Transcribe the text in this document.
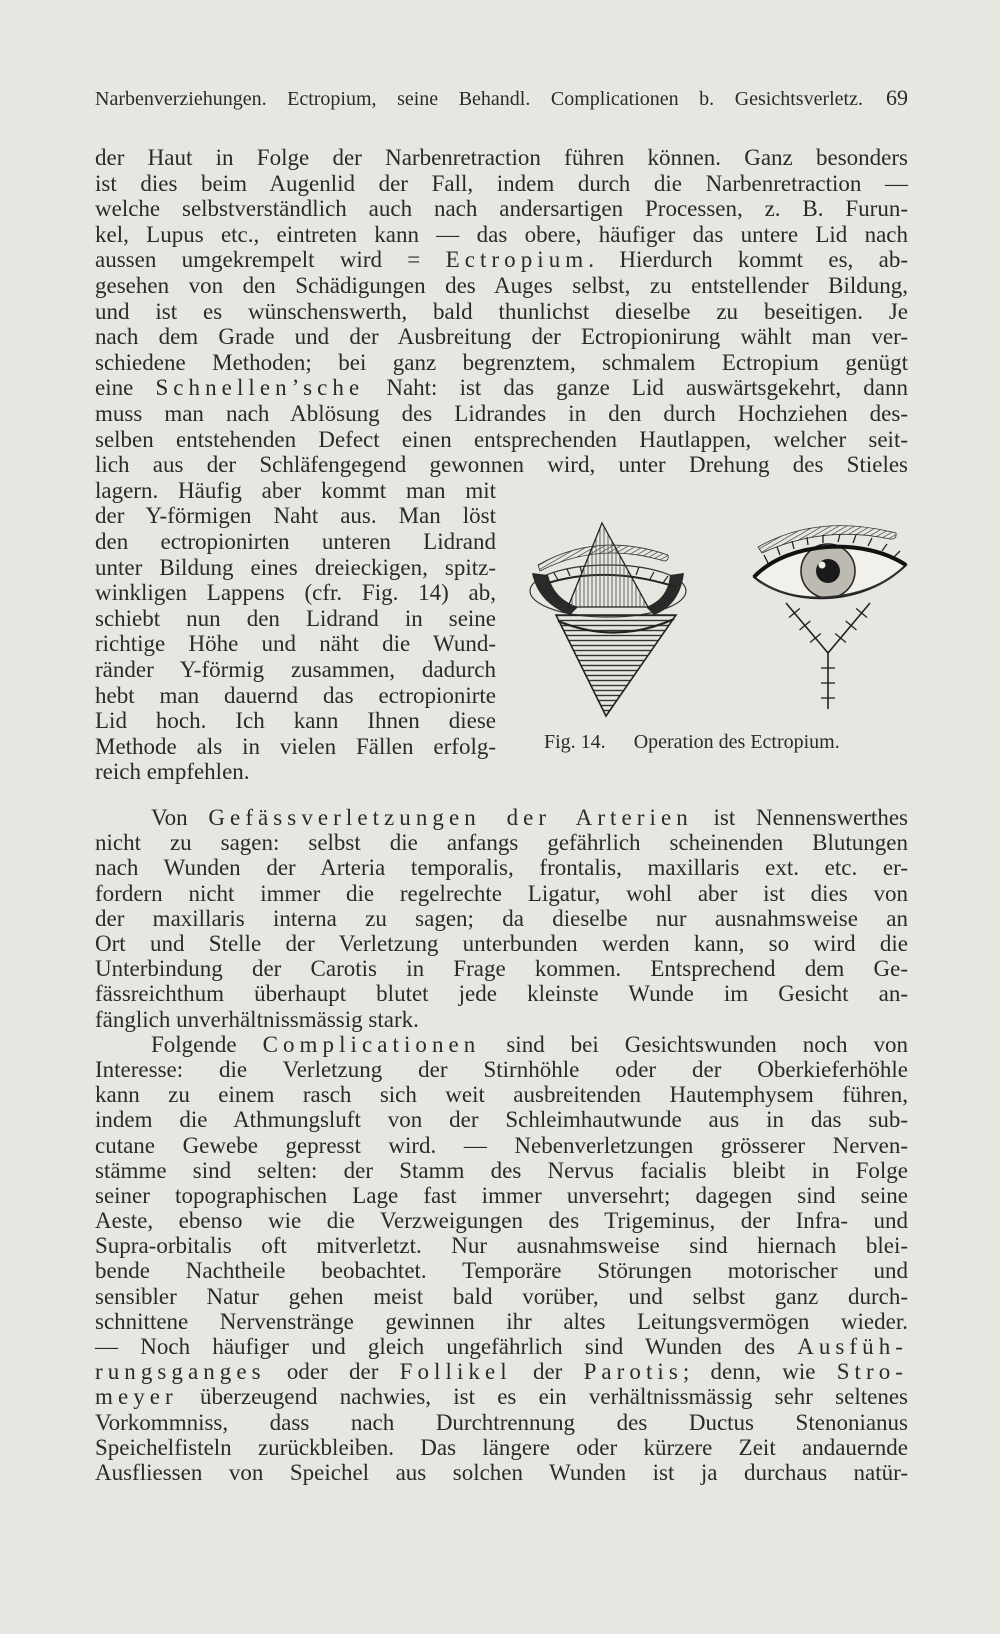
Narbenverziehungen. Ectropium, seine Behandl. Complicationen b. Gesichtsverletz. 69
der Haut in Folge der Narbenretraction führen können. Ganz besonders
ist dies beim Augenlid der Fall, indem durch die Narbenretraction —
welche selbstverständlich auch nach andersartigen Processen, z. B. Furun-
kel, Lupus etc., eintreten kann — das obere, häufiger das untere Lid nach
aussen umgekrempelt wird = Ectropium. Hierdurch kommt es, ab-
gesehen von den Schädigungen des Auges selbst, zu entstellender Bildung,
und ist es wünschenswerth, bald thunlichst dieselbe zu beseitigen. Je
nach dem Grade und der Ausbreitung der Ectropionirung wählt man ver-
schiedene Methoden; bei ganz begrenztem, schmalem Ectropium genügt
eine Schnellen’sche Naht: ist das ganze Lid auswärtsgekehrt, dann
muss man nach Ablösung des Lidrandes in den durch Hochziehen des-
selben entstehenden Defect einen entsprechenden Hautlappen, welcher seit-
lich aus der Schläfengegend gewonnen wird, unter Drehung des Stieles
lagern. Häufig aber kommt man mit
der Y-förmigen Naht aus. Man löst
den ectropionirten unteren Lidrand
unter Bildung eines dreieckigen, spitz-
winkligen Lappens (cfr. Fig. 14) ab,
schiebt nun den Lidrand in seine
richtige Höhe und näht die Wund-
ränder Y-förmig zusammen, dadurch
hebt man dauernd das ectropionirte
Lid hoch. Ich kann Ihnen diese
Methode als in vielen Fällen erfolg-
reich empfehlen.
Fig. 14. Operation des Ectropium.
Von Gefässverletzungen der Arterien ist Nennenswerthes
nicht zu sagen: selbst die anfangs gefährlich scheinenden Blutungen
nach Wunden der Arteria temporalis, frontalis, maxillaris ext. etc. er-
fordern nicht immer die regelrechte Ligatur, wohl aber ist dies von
der maxillaris interna zu sagen; da dieselbe nur ausnahmsweise an
Ort und Stelle der Verletzung unterbunden werden kann, so wird die
Unterbindung der Carotis in Frage kommen. Entsprechend dem Ge-
fässreichthum überhaupt blutet jede kleinste Wunde im Gesicht an-
fänglich unverhältnissmässig stark.
Folgende Complicationen sind bei Gesichtswunden noch von
Interesse: die Verletzung der Stirnhöhle oder der Oberkieferhöhle
kann zu einem rasch sich weit ausbreitenden Hautemphysem führen,
indem die Athmungsluft von der Schleimhautwunde aus in das sub-
cutane Gewebe gepresst wird. — Nebenverletzungen grösserer Nerven-
stämme sind selten: der Stamm des Nervus facialis bleibt in Folge
seiner topographischen Lage fast immer unversehrt; dagegen sind seine
Aeste, ebenso wie die Verzweigungen des Trigeminus, der Infra- und
Supra-orbitalis oft mitverletzt. Nur ausnahmsweise sind hiernach blei-
bende Nachtheile beobachtet. Temporäre Störungen motorischer und
sensibler Natur gehen meist bald vorüber, und selbst ganz durch-
schnittene Nervenstränge gewinnen ihr altes Leitungsvermögen wieder.
— Noch häufiger und gleich ungefährlich sind Wunden des Ausfüh-
rungsganges oder der Follikel der Parotis; denn, wie Stro-
meyer überzeugend nachwies, ist es ein verhältnissmässig sehr seltenes
Vorkommniss, dass nach Durchtrennung des Ductus Stenonianus
Speichelfisteln zurückbleiben. Das längere oder kürzere Zeit andauernde
Ausfliessen von Speichel aus solchen Wunden ist ja durchaus natür-
